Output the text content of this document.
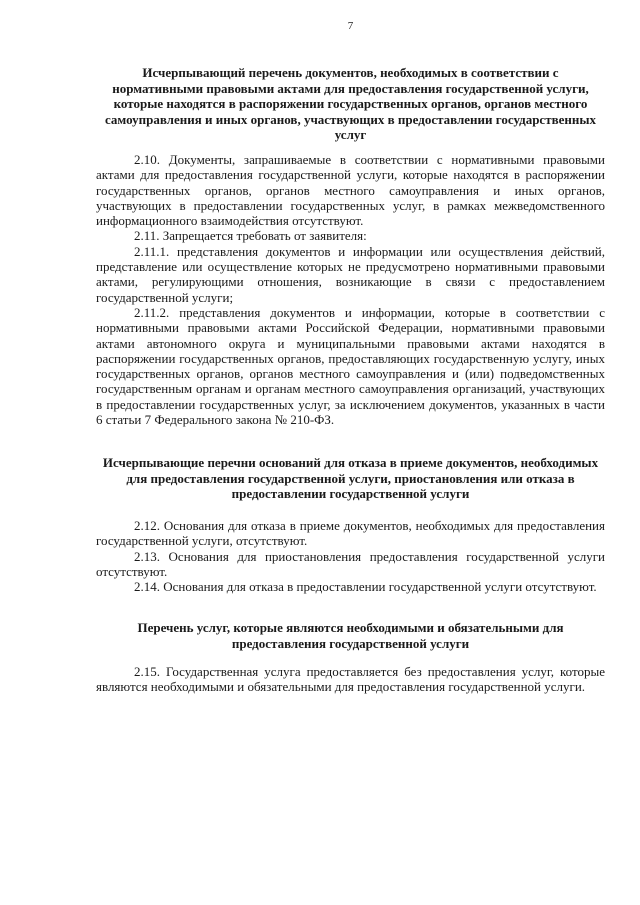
7
Исчерпывающий перечень документов, необходимых в соответствии с нормативными правовыми актами для предоставления государственной услуги, которые находятся в распоряжении государственных органов, органов местного самоуправления и иных органов, участвующих в предоставлении государственных услуг

2.10. Документы, запрашиваемые в соответствии с нормативными правовыми актами для предоставления государственной услуги, которые находятся в распоряжении государственных органов, органов местного самоуправления и иных органов, участвующих в предоставлении государственных услуг, в рамках межведомственного информационного взаимодействия отсутствуют.

2.11. Запрещается требовать от заявителя:

2.11.1. представления документов и информации или осуществления действий, представление или осуществление которых не предусмотрено нормативными правовыми актами, регулирующими отношения, возникающие в связи с предоставлением государственной услуги;

2.11.2. представления документов и информации, которые в соответствии с нормативными правовыми актами Российской Федерации, нормативными правовыми актами автономного округа и муниципальными правовыми актами находятся в распоряжении государственных органов, предоставляющих государственную услугу, иных государственных органов, органов местного самоуправления и (или) подведомственных государственным органам и органам местного самоуправления организаций, участвующих в предоставлении государственных услуг, за исключением документов, указанных в части 6 статьи 7 Федерального закона № 210-ФЗ.

Исчерпывающие перечни оснований для отказа в приеме документов, необходимых для предоставления государственной услуги, приостановления или отказа в предоставлении государственной услуги

2.12. Основания для отказа в приеме документов, необходимых для предоставления государственной услуги, отсутствуют.

2.13. Основания для приостановления предоставления государственной услуги отсутствуют.

2.14. Основания для отказа в предоставлении государственной услуги отсутствуют.

Перечень услуг, которые являются необходимыми и обязательными для предоставления государственной услуги

2.15. Государственная услуга предоставляется без предоставления услуг, которые являются необходимыми и обязательными для предоставления государственной услуги.
